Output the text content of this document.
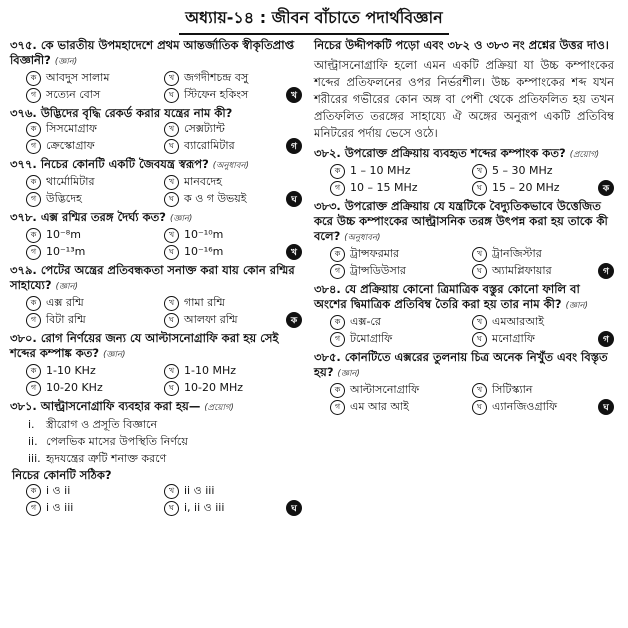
অধ্যায়-১৪ : জীবন বাঁচাতে পদার্থবিজ্ঞান
৩৭৫. কে ভারতীয় উপমহাদেশে প্রথম আন্তর্জাতিক স্বীকৃতিপ্রাপ্ত বিজ্ঞানী? (জ্ঞান)
ক আবদুস সালাম	খ জগদীশচন্দ্র বসু
গ সত্যেন বোস	ঘ স্টিফেন হকিংস	খ
৩৭৬. উদ্ভিদের বৃদ্ধি রেকর্ড করার যন্ত্রের নাম কী?
ক সিসমোগ্রাফ	খ সেক্সট্যান্ট
গ ক্রেস্কোগ্রাফ	ঘ ব্যারোমিটার	গ
৩৭৭. নিচের কোনটি একটি জৈবযন্ত্র স্বরূপ? (অনুধাবন)
ক থার্মোমিটার	খ মানবদেহ
গ উদ্ভিদেহ	ঘ ক ও গ উভয়ই	ঘ
৩৭৮. এক্স রশ্মির তরঙ্গ দৈর্ঘ্য কত? (জ্ঞান)
ক 10⁻⁸m	খ 10⁻¹⁰m
গ 10⁻¹³m	ঘ 10⁻¹⁶m	খ
৩৭৯. পেটের অন্ত্রের প্রতিবন্ধকতা সনাক্ত করা যায় কোন রশ্মির সাহায্যে? (জ্ঞান)
ক এক্স রশ্মি	খ গামা রশ্মি
গ বিটা রশ্মি	ঘ আলফা রশ্মি	ক
৩৮০. রোগ নির্ণয়ের জন্য যে আল্টাসনোগ্রাফি করা হয় সেই শব্দের কম্পাঙ্ক কত? (জ্ঞান)
ক 1-10 KHz	খ 1-10 MHz
গ 10-20 KHz	ঘ 10-20 MHz
৩৮১. আল্ট্রাসনোগ্রাফি ব্যবহার করা হয়— (প্রয়োগ)
i. স্ত্রীরোগ ও প্রসূতি বিজ্ঞানে
ii. পেলভিক মাসের উপস্থিতি নির্ণয়ে
iii. হৃদযন্ত্রের ত্রুটি শনাক্ত করণে
নিচের কোনটি সঠিক?
ক i ও ii	খ ii ও iii
গ i ও iii	ঘ i, ii ও iii	ঘ
নিচের উদ্দীপকটি পড়ো এবং ৩৮২ ও ৩৮৩ নং প্রশ্নের উত্তর দাও।
আল্ট্রাসনোগ্রাফি হলো এমন একটি প্রক্রিয়া যা উচ্চ কম্পাংকের শব্দের প্রতিফলনের ওপর নির্ভরশীল। উচ্চ কম্পাংকের শব্দ যখন শরীরের গভীরের কোন অঙ্গ বা পেশী থেকে প্রতিফলিত হয় তখন প্রতিফলিত তরঙ্গের সাহায্যে ঐ অঙ্গের অনুরূপ একটি প্রতিবিম্ব মনিটরের পর্দায় ভেসে ওঠে।
৩৮২. উপরোক্ত প্রক্রিয়ায় ব্যবহৃত শব্দের কম্পাংক কত? (প্রয়োগ)
ক 1 – 10 MHz	খ 5 – 30 MHz
গ 10 – 15 MHz	ঘ 15 – 20 MHz	ক
৩৮৩. উপরোক্ত প্রক্রিয়ায় যে যন্ত্রটিকে বৈদ্যুতিকভাবে উত্তেজিত করে উচ্চ কম্পাংকের আল্ট্রাসনিক তরঙ্গ উৎপন্ন করা হয় তাকে কী বলে? (অনুধাবন)
ক ট্রান্সফরমার	খ ট্রানজিস্টার
গ ট্রান্সডিউসার	ঘ অ্যামপ্লিফায়ার	গ
৩৮৪. যে প্রক্রিয়ায় কোনো ত্রিমাত্রিক বস্তুর কোনো ফালি বা অংশের দ্বিমাত্রিক প্রতিবিম্ব তৈরি করা হয় তার নাম কী? (জ্ঞান)
ক এক্স-রে	খ এমআরআই
গ টমোগ্রাফি	ঘ মনোগ্রাফি	গ
৩৮৫. কোনটিতে এক্সরের তুলনায় চিত্র অনেক নিখুঁত এবং বিস্তৃত হয়? (জ্ঞান)
ক আল্টাসনোগ্রাফি	খ সিটিস্ক্যান
গ এম আর আই	ঘ এ্যানজিওগ্রাফি	ঘ
